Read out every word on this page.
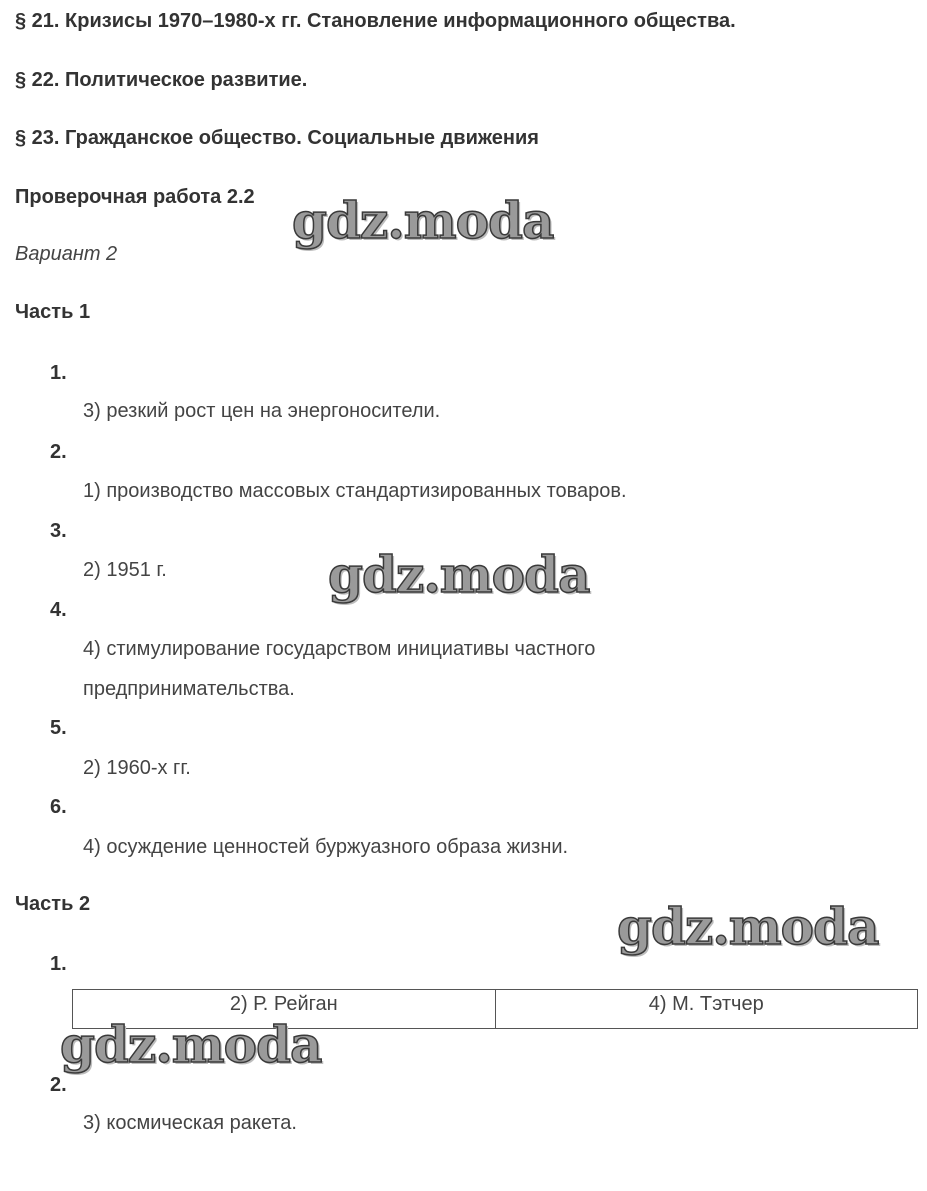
§ 21. Кризисы 1970–1980-х гг. Становление информационного общества.
§ 22. Политическое развитие.
§ 23. Гражданское общество. Социальные движения
Проверочная работа 2.2
Вариант 2
Часть 1
1.
3) резкий рост цен на энергоносители.
2.
1) производство массовых стандартизированных товаров.
3.
2) 1951 г.
4.
4) стимулирование государством инициативы частного
предпринимательства.
5.
2) 1960-х гг.
6.
4) осуждение ценностей буржуазного образа жизни.
Часть 2
1.
2) Р. Рейган	4) М. Тэтчер
2.
3) космическая ракета.
gdz.moda
gdz.moda
gdz.moda
gdz.moda
